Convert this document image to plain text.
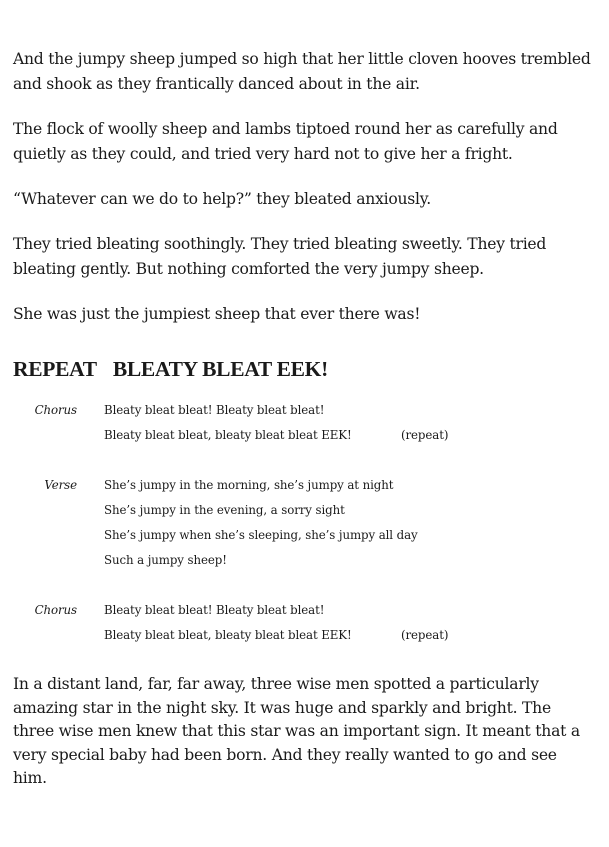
And the jumpy sheep jumped so high that her little cloven hooves trembled and shook as they frantically danced about in the air.

The flock of woolly sheep and lambs tiptoed round her as carefully and quietly as they could, and tried very hard not to give her a fright.

“Whatever can we do to help?” they bleated anxiously.

They tried bleating soothingly. They tried bleating sweetly. They tried bleating gently. But nothing comforted the very jumpy sheep.

She was just the jumpiest sheep that ever there was!

REPEAT BLEATY BLEAT EEK!
Chorus	Bleaty bleat bleat! Bleaty bleat bleat!
Bleaty bleat bleat, bleaty bleat bleat EEK!	(repeat)
Verse	She’s jumpy in the morning, she’s jumpy at night
She’s jumpy in the evening, a sorry sight
She’s jumpy when she’s sleeping, she’s jumpy all day
Such a jumpy sheep!
Chorus	Bleaty bleat bleat! Bleaty bleat bleat!
Bleaty bleat bleat, bleaty bleat bleat EEK!	(repeat)

In a distant land, far, far away, three wise men spotted a particularly amazing star in the night sky. It was huge and sparkly and bright. The three wise men knew that this star was an important sign. It meant that a very special baby had been born. And they really wanted to go and see him.
